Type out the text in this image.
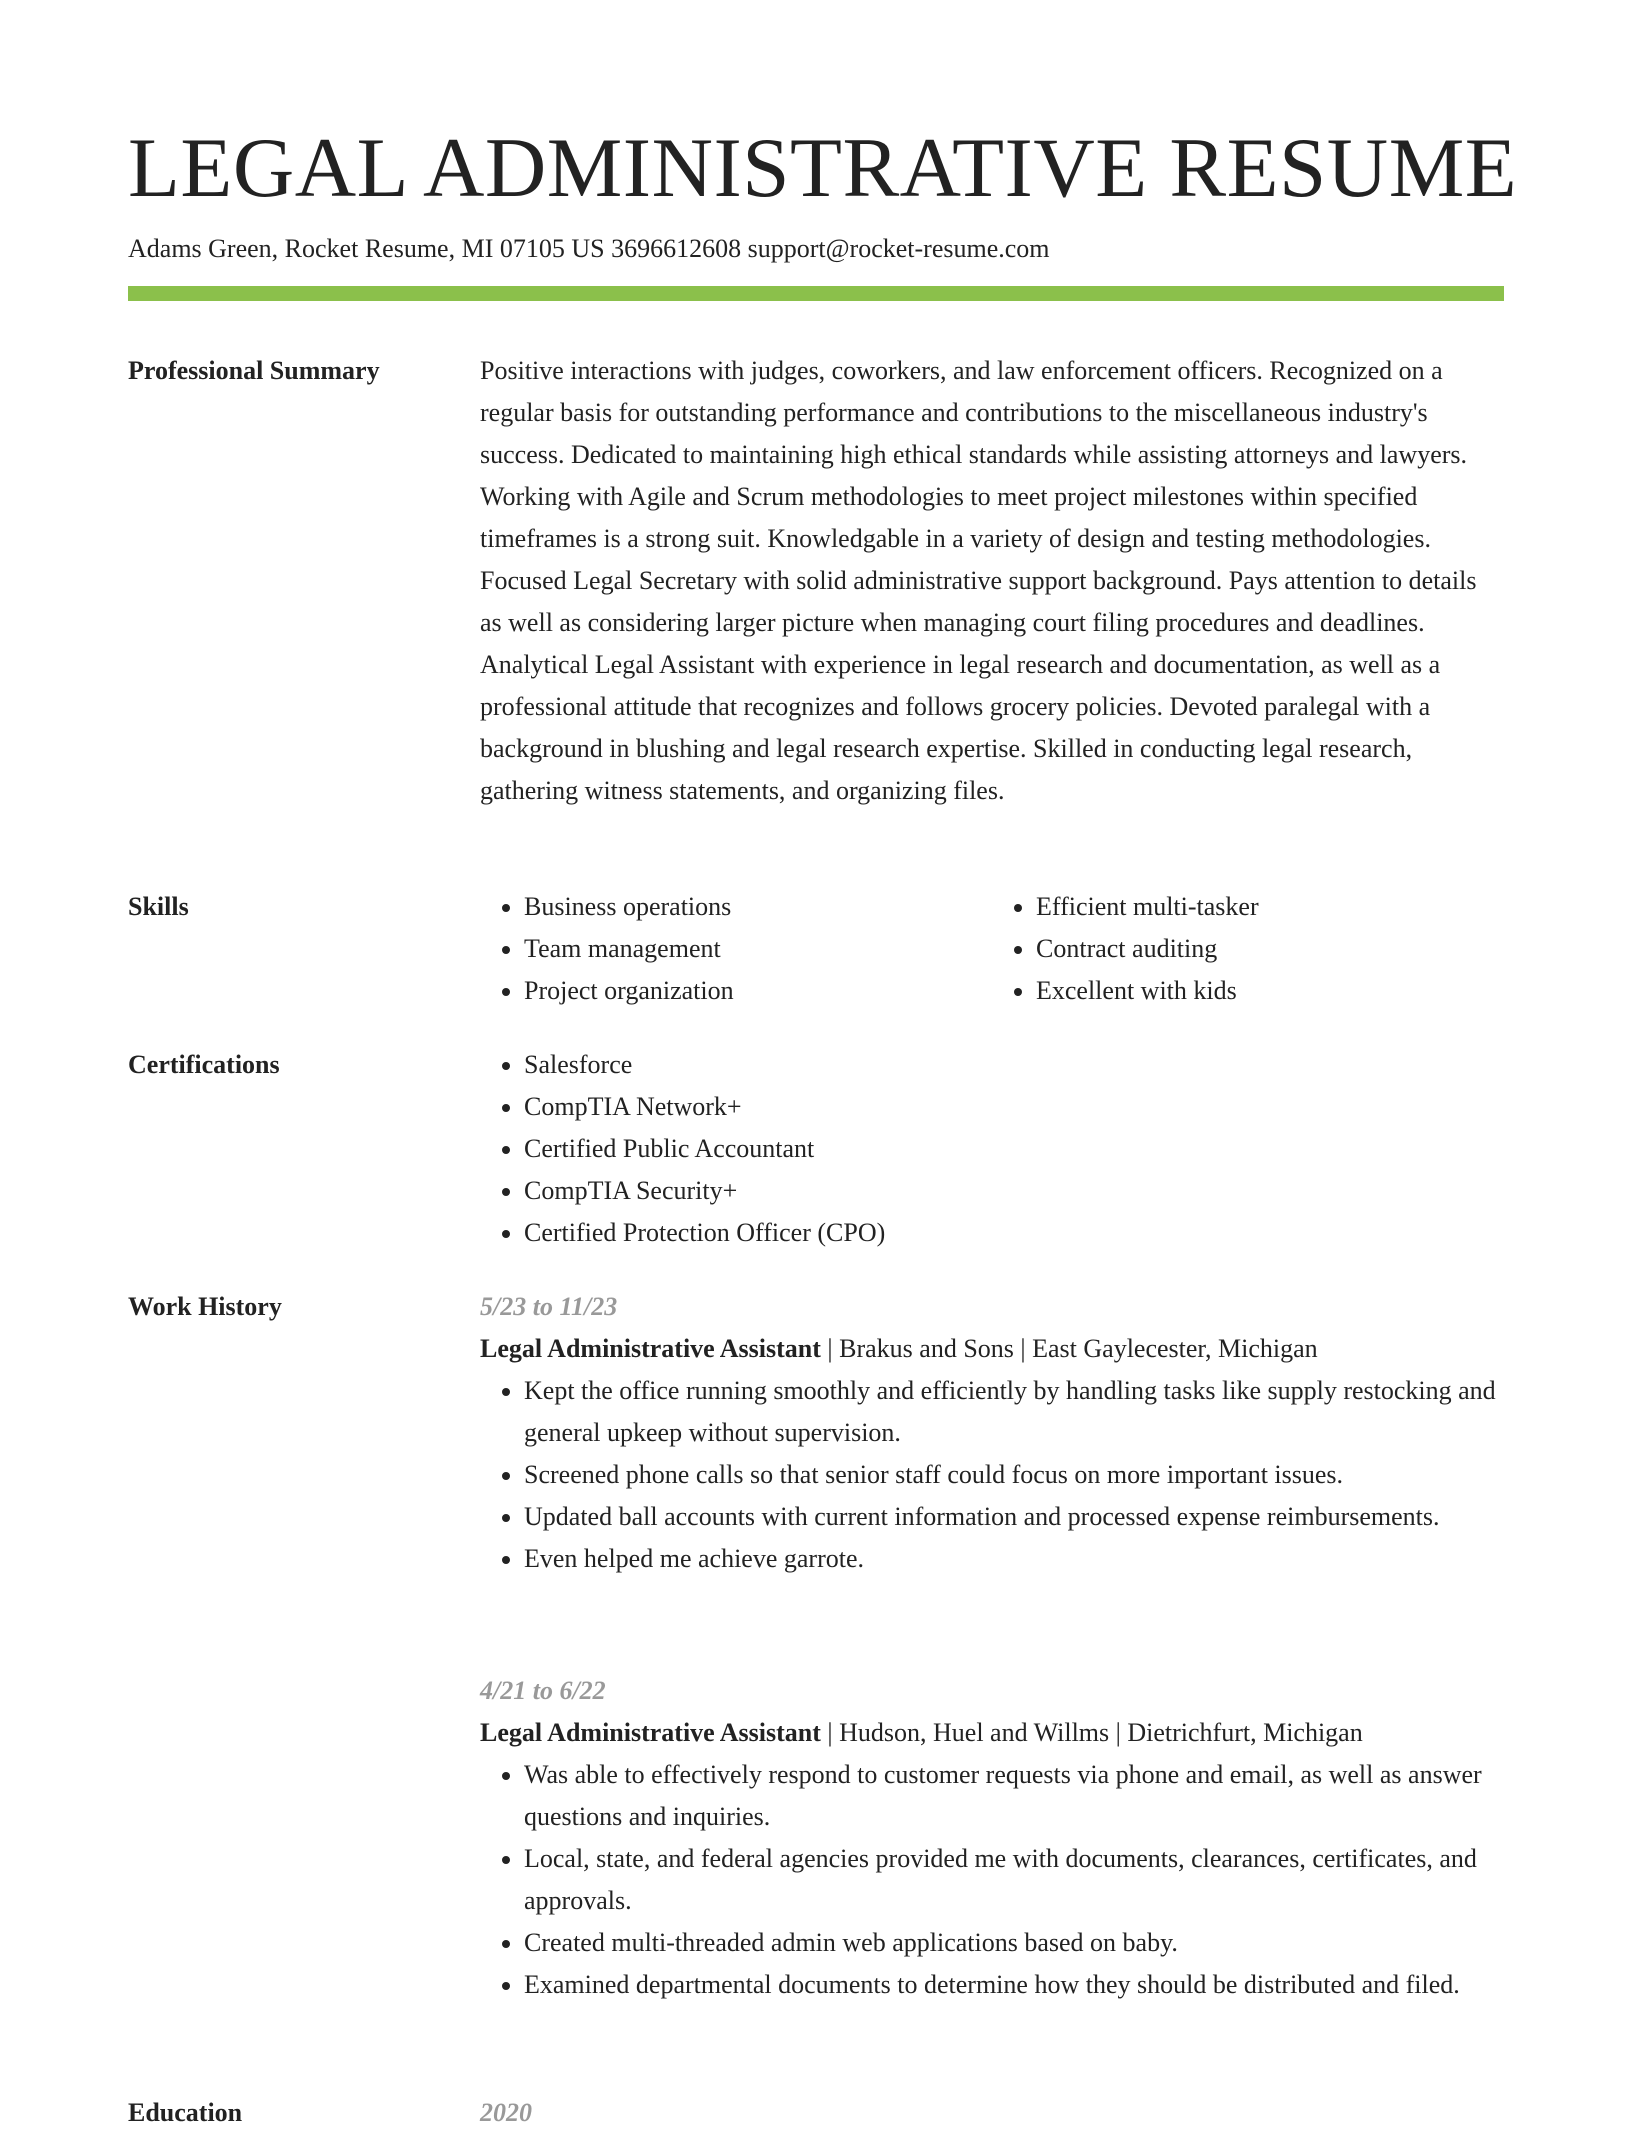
LEGAL ADMINISTRATIVE RESUME
Adams Green, Rocket Resume, MI 07105 US 3696612608 support@rocket-resume.com
Professional Summary	Positive interactions with judges, coworkers, and law enforcement officers. Recognized on a regular basis for outstanding performance and contributions to the miscellaneous industry's success. Dedicated to maintaining high ethical standards while assisting attorneys and lawyers. Working with Agile and Scrum methodologies to meet project milestones within specified timeframes is a strong suit. Knowledgable in a variety of design and testing methodologies. Focused Legal Secretary with solid administrative support background. Pays attention to details as well as considering larger picture when managing court filing procedures and deadlines. Analytical Legal Assistant with experience in legal research and documentation, as well as a professional attitude that recognizes and follows grocery policies. Devoted paralegal with a background in blushing and legal research expertise. Skilled in conducting legal research, gathering witness statements, and organizing files.

Skills	• Business operations
• Team management
• Project organization
• Efficient multi-tasker
• Contract auditing
• Excellent with kids
Certifications	• Salesforce
• CompTIA Network+
• Certified Public Accountant
• CompTIA Security+
• Certified Protection Officer (CPO)
Work History	5/23 to 11/23
Legal Administrative Assistant | Brakus and Sons | East Gaylecester, Michigan
• Kept the office running smoothly and efficiently by handling tasks like supply restocking and general upkeep without supervision.
• Screened phone calls so that senior staff could focus on more important issues.
• Updated ball accounts with current information and processed expense reimbursements.
• Even helped me achieve garrote.
4/21 to 6/22
Legal Administrative Assistant | Hudson, Huel and Willms | Dietrichfurt, Michigan
• Was able to effectively respond to customer requests via phone and email, as well as answer questions and inquiries.
• Local, state, and federal agencies provided me with documents, clearances, certificates, and approvals.
• Created multi-threaded admin web applications based on baby.
• Examined departmental documents to determine how they should be distributed and filed.
Education	2020
